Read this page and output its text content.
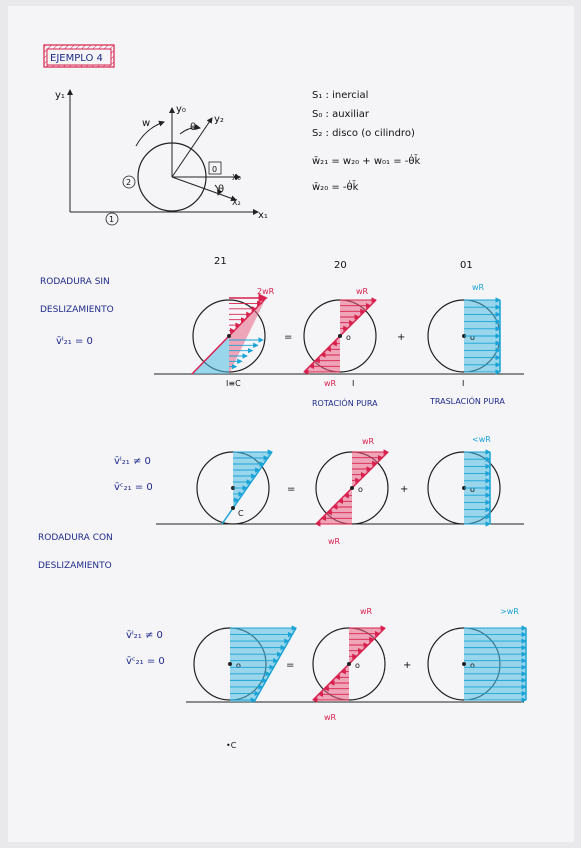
EJEMPLO 4
y₁
x₁
w
y₀
y₂
X₀
X₂
θ
θ
0
1
2
S₁ : inercial
S₀ : auxiliar
S₂ : disco (o cilindro)
w̄₂₁ = w₂₀ + w₀₁ = -θ̇k̄
w̄₂₀ = -θ̇k̄
21	20	01
RODADURA SIN
DESLIZAMIENTO
v̄ᴵ₂₁ = 0
2wR
I≡C
=	o
wR
wR I
+	o
wR
I
ROTACIÓN PURA	TRASLACIÓN PURA
v̄ᴵ₂₁ ≠ 0
v̄ᶜ₂₁ = 0
C
=	o
wR
wR
+	o
<wR
RODADURA CON
DESLIZAMIENTO
v̄ᴵ₂₁ ≠ 0
v̄ᶜ₂₁ = 0	o	=	o
wR
wR
+	o
>wR
•C
